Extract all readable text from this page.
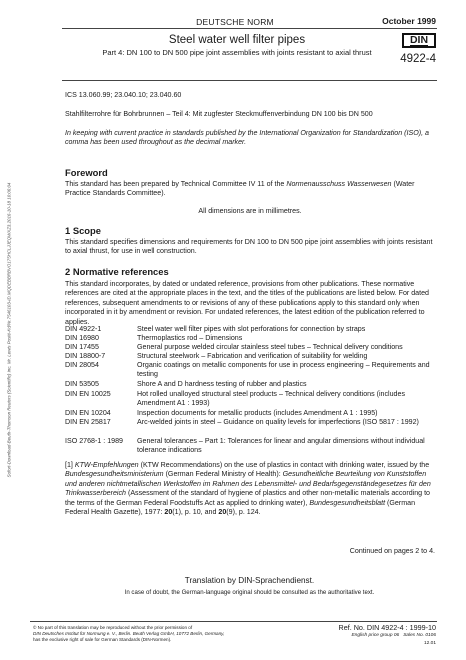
Sofort-Download-Beuth-Thomson Reuters (Scientific) Inc. Mr. Lewis Posté-Kd/Nr.7546103-ID.MQDEBBRBVO175HCLJJEQWXZ3.2016-10-18 10:06:04
DEUTSCHE NORM	October 1999
Steel water well filter pipes
Part 4: DN 100 to DN 500 pipe joint assemblies with joints resistant to axial thrust
DIN
4922-4
ICS 13.060.99; 23.040.10; 23.040.60
Stahlfilterrohre für Bohrbrunnen – Teil 4: Mit zugfester Steckmuffenverbindung DN 100 bis DN 500
In keeping with current practice in standards published by the International Organization for Standardization (ISO), a comma has been used throughout as the decimal marker.
Foreword
This standard has been prepared by Technical Committee IV 11 of the Normenausschuss Wasserwesen (Water Practice Standards Committee).
All dimensions are in millimetres.
1 Scope
This standard specifies dimensions and requirements for DN 100 to DN 500 pipe joint assemblies with joints resistant to axial thrust, for use in well construction.
2 Normative references
This standard incorporates, by dated or undated reference, provisions from other publications. These normative references are cited at the appropriate places in the text, and the titles of the publications are listed below. For dated references, subsequent amendments to or revisions of any of these publications apply to this standard only when incorporated in it by amendment or revision. For undated references, the latest edition of the publication referred to applies.
DIN 4922-1	Steel water well filter pipes with slot perforations for connection by straps
DIN 16980	Thermoplastics rod – Dimensions
DIN 17455	General purpose welded circular stainless steel tubes – Technical delivery conditions
DIN 18800-7	Structural steelwork – Fabrication and verification of suitability for welding
DIN 28054	Organic coatings on metallic components for use in process engineering – Requirements and testing
DIN 53505	Shore A and D hardness testing of rubber and plastics
DIN EN 10025	Hot rolled unalloyed structural steel products – Technical delivery conditions (includes Amendment A1 : 1993)
DIN EN 10204	Inspection documents for metallic products (includes Amendment A 1 : 1995)
DIN EN 25817	Arc-welded joints in steel – Guidance on quality levels for imperfections (ISO 5817 : 1992)
ISO 2768-1 : 1989	General tolerances – Part 1: Tolerances for linear and angular dimensions without individual tolerance indications
[1] KTW-Empfehlungen (KTW Recommendations) on the use of plastics in contact with drinking water, issued by the Bundesgesundheitsministerium (German Federal Ministry of Health): Gesundheitliche Beurteilung von Kunststoffen und anderen nichtmetallischen Werkstoffen im Rahmen des Lebensmittel- und Bedarfsgegenständegesetzes für den Trinkwasserbereich (Assessment of the standard of hygiene of plastics and other non-metallic materials according to the terms of the German Federal Foodstuffs Act as applied to drinking water), Bundesgesundheitsblatt (German Federal Health Gazette), 1977: 20(1), p. 10, and 20(9), p. 124.
Continued on pages 2 to 4.
Translation by DIN-Sprachendienst.
In case of doubt, the German-language original should be consulted as the authoritative text.
© No part of this translation may be reproduced without the prior permission of
DIN Deutsches Institut für Normung e. V., Berlin. Beuth Verlag GmbH, 10772 Berlin, Germany,
has the exclusive right of sale for German Standards (DIN-Normen).
Ref. No. DIN 4922-4 : 1999-10
English price group 06 Sales No. 0106
12.01
